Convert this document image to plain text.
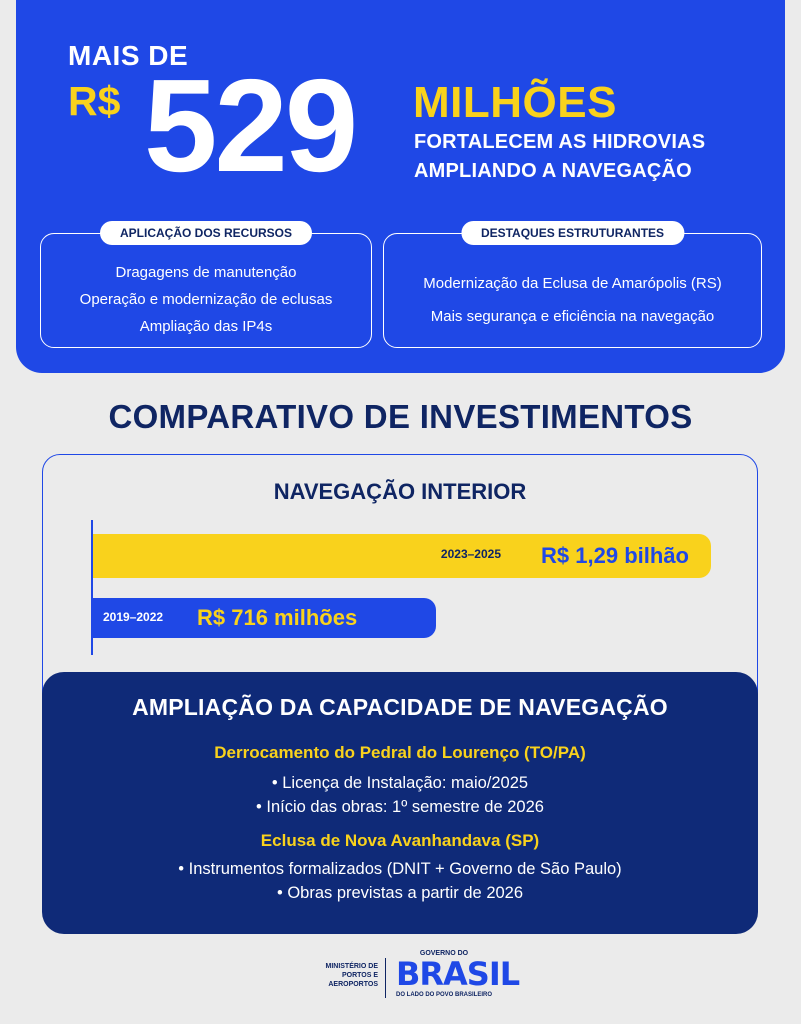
MAIS DE
R$ 529 MILHÕES
FORTALECEM AS HIDROVIAS
AMPLIANDO A NAVEGAÇÃO
APLICAÇÃO DOS RECURSOS
Dragagens de manutenção
Operação e modernização de eclusas
Ampliação das IP4s
DESTAQUES ESTRUTURANTES
Modernização da Eclusa de Amarópolis (RS)
Mais segurança e eficiência na navegação
COMPARATIVO DE INVESTIMENTOS
NAVEGAÇÃO INTERIOR
2023–2025 R$ 1,29 bilhão
2019–2022 R$ 716 milhões
AMPLIAÇÃO DA CAPACIDADE DE NAVEGAÇÃO
Derrocamento do Pedral do Lourenço (TO/PA)
• Licença de Instalação: maio/2025
• Início das obras: 1º semestre de 2026
Eclusa de Nova Avanhandava (SP)
• Instrumentos formalizados (DNIT + Governo de São Paulo)
• Obras previstas a partir de 2026
MINISTÉRIO DE
PORTOS E
AEROPORTOS
GOVERNO DO
BRASIL
DO LADO DO POVO BRASILEIRO
